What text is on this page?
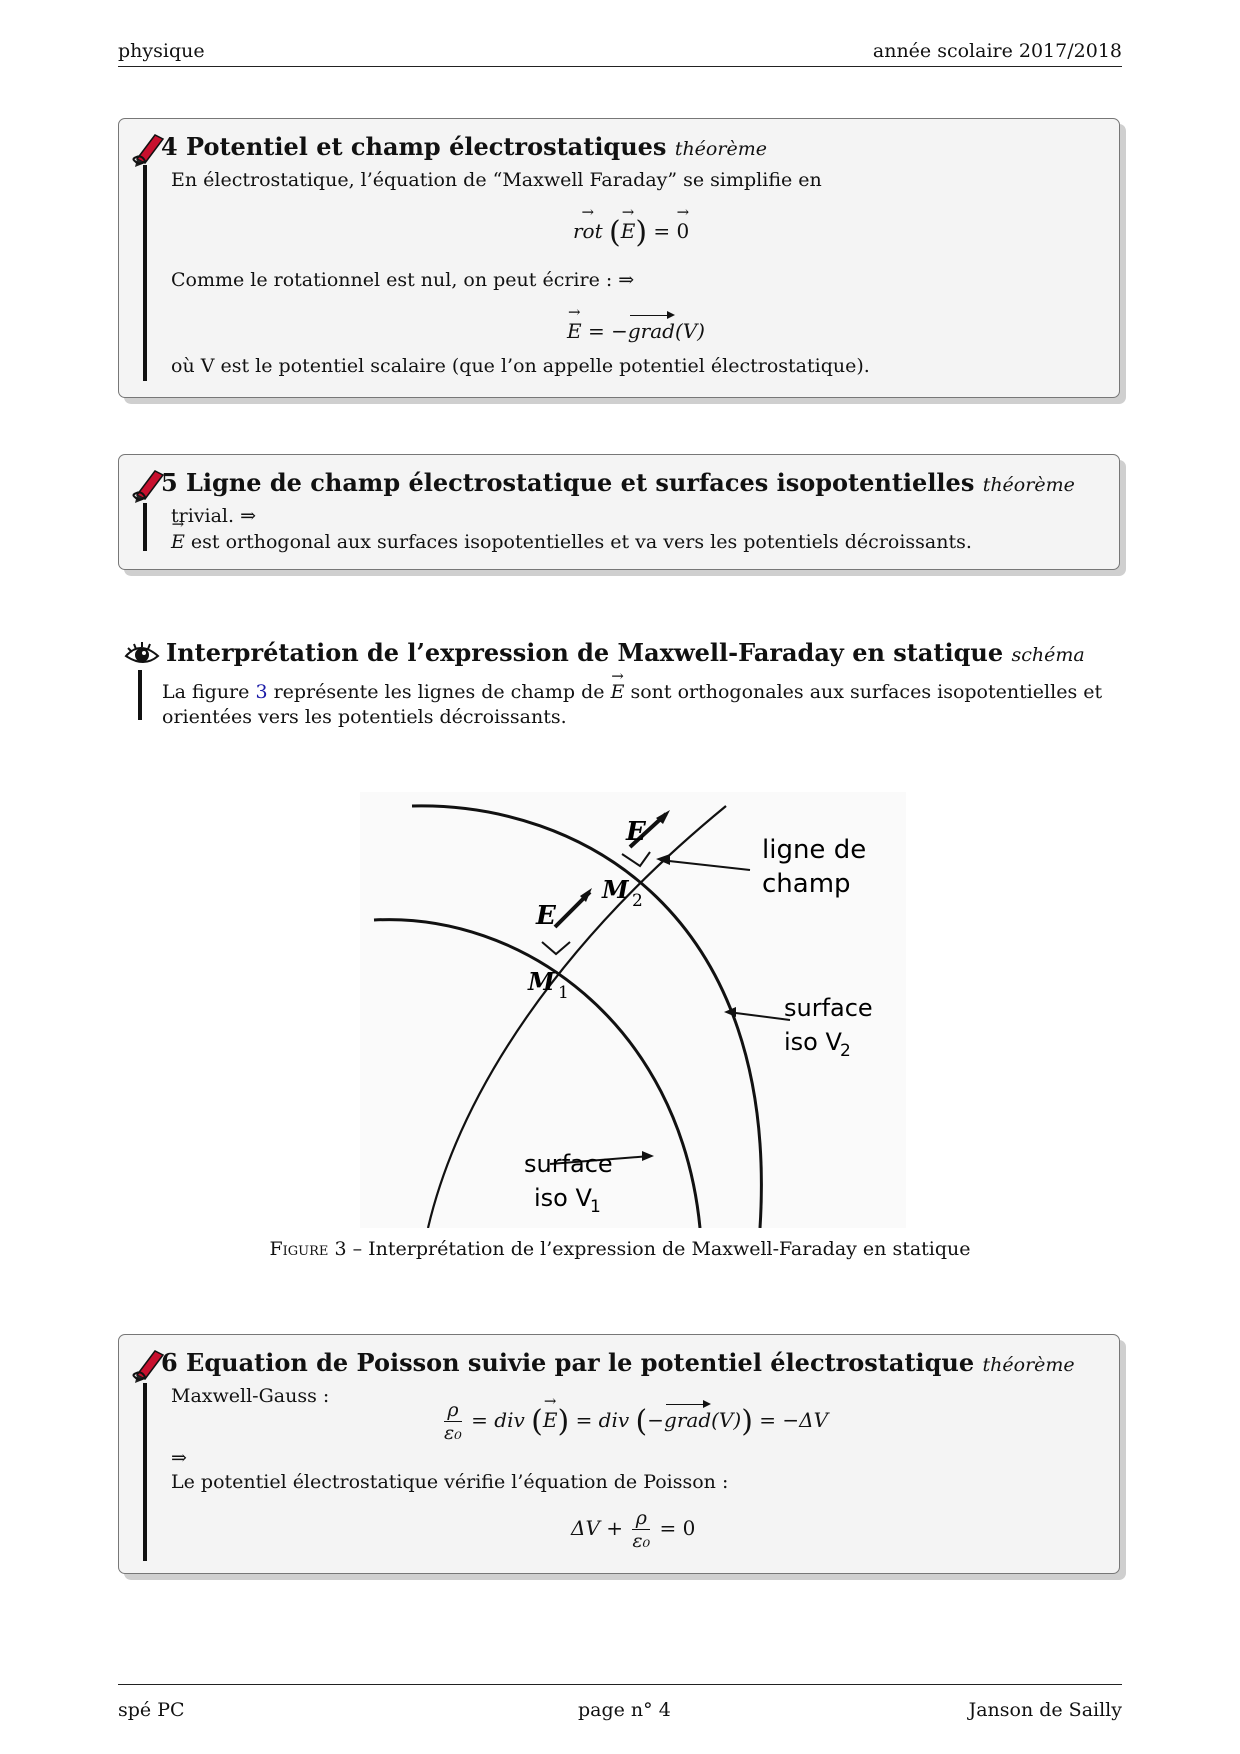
physique	année scolaire 2017/2018
4 Potentiel et champ électrostatiques théorème
En électrostatique, l’équation de “Maxwell Faraday” se simplifie en
→ rot (→ E) = → 0
Comme le rotationnel est nul, on peut écrire : ⇒
→ E = −grad(V)
où V est le potentiel scalaire (que l’on appelle potentiel électrostatique).
5 Ligne de champ électrostatique et surfaces isopotentielles théorème
trivial. ⇒
→ E est orthogonal aux surfaces isopotentielles et va vers les potentiels décroissants.
Interprétation de l’expression de Maxwell-Faraday en statique schéma

La figure 3 représente les lignes de champ de → E sont orthogonales aux surfaces isopotentielles et orientées vers les potentiels décroissants.

E
E
M 2
M 1
ligne de
champ
surface
iso V
2
surface
iso V
1
Figure 3 – Interprétation de l’expression de Maxwell-Faraday en statique
6 Equation de Poisson suivie par le potentiel électrostatique théorème
Maxwell-Gauss :
$\frac{\rho}{\text{ε₀}}$ = div (→ E) = div (−grad(V)) = −ΔV
⇒
Le potentiel électrostatique vérifie l’équation de Poisson :
$\Delta V + \frac{\rho}{\text{ε₀}} = 0$
spé PC	page n° 4	Janson de Sailly
